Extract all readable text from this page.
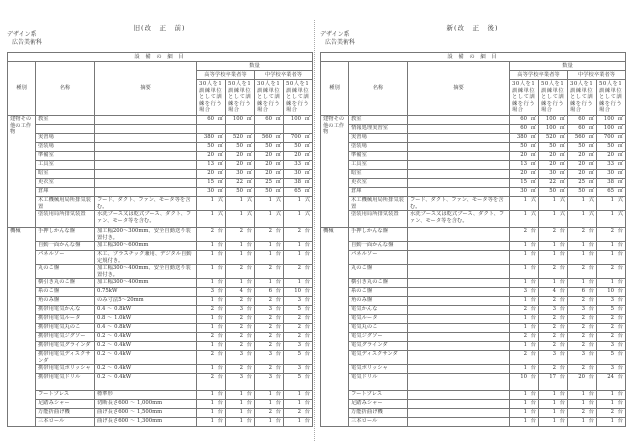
旧(改　正　前)
デザイン系
広告美術科
設 備 の 細 目						
種別	名称	摘要	数量			
			高等学校卒業者等		中学校卒業者等	
			30人を1訓練単位として訓練を行う場合	50人を1訓練単位として訓練を行う場合	30人を1訓練単位として訓練を行う場合	50人を1訓練単位として訓練を行う場合
建物その他の工作物	教室		60 ㎡	100 ㎡	60 ㎡	100 ㎡

	実習場		380 ㎡	520 ㎡	560 ㎡	700 ㎡
	塗装場		50 ㎡	50 ㎡	50 ㎡	50 ㎡
	準備室		20 ㎡	20 ㎡	20 ㎡	20 ㎡
	工具室		13 ㎡	20 ㎡	20 ㎡	33 ㎡
	暗室		20 ㎡	30 ㎡	20 ㎡	30 ㎡
	更衣室		15 ㎡	22 ㎡	25 ㎡	38 ㎡
	倉庫		30 ㎡	50 ㎡	50 ㎡	65 ㎡
	木工機械用局所排気装置	フード、ダクト、ファン、モータ等を含む。	1 式	1 式	1 式	1 式
	塗装用局所排気装置	水洗ブース又は乾式ブース、ダクト、ファン、モータ等を含む。	1 式	1 式	1 式	1 式
機械	手押しかんな盤	加工幅200～300mm、安全自動送り装置付き。	2 台	2 台	2 台	2 台
	自動一面かんな盤	加工幅300～600mm	1 台	1 台	1 台	1 台
	パネルソー	木工、プラスチック兼用、デジタル自動定規付き。	1 台	1 台	1 台	1 台
	丸のこ盤	加工幅300～400mm、安全自動送り装置付き。	1 台	2 台	2 台	2 台
	横引き丸のこ盤	加工幅300～400mm	1 台	1 台	1 台	1 台
	糸のこ盤	0.75kW	3 台	4 台	6 台	10 台
	角のみ盤	のみ寸法5～20mm	1 台	2 台	2 台	3 台
	携帯用電気かんな	0.4 ～ 0.8kW	2 台	3 台	3 台	5 台
	携帯用電気ルータ	0.8 ～ 1.0kW	1 台	2 台	2 台	2 台
	携帯用電気丸のこ	0.4 ～ 0.8kW	1 台	2 台	2 台	2 台
	携帯用電気ジグソー	0.2 ～ 0.4kW	2 台	2 台	2 台	2 台
	携帯用電気グラインダ	0.2 ～ 0.4kW	1 台	2 台	2 台	3 台
	携帯用電気ディスクサンダ	0.2 ～ 0.4kW	2 台	3 台	3 台	5 台
	携帯用電気ポリッシャ	0.2 ～ 0.4kW	1 台	2 台	2 台	3 台
	携帯用電気ドリル	0.2 ～ 0.4kW	2 台	3 台	3 台	5 台
	フートプレス	標準形	1 台	1 台	1 台	1 台
	足踏みシャー	切断長さ600 ～ 1,000mm	1 台	1 台	1 台	1 台
	万能折曲げ機	曲げ長さ600 ～ 1,500mm	1 台	1 台	2 台	2 台
	三本ロール	曲げ長さ600 ～ 1,300mm	1 台	1 台	1 台	1 台
新(改　正　後)
デザイン系
広告美術科
設 備 の 細 目						
種別	名称	摘要	数量			
			高等学校卒業者等		中学校卒業者等	
			30人を1訓練単位として訓練を行う場合	50人を1訓練単位として訓練を行う場合	30人を1訓練単位として訓練を行う場合	50人を1訓練単位として訓練を行う場合
建物その他の工作物	教室		60 ㎡	100 ㎡	60 ㎡	100 ㎡
	情報処理実習室		60 ㎡	100 ㎡	60 ㎡	100 ㎡
	実習場		380 ㎡	520 ㎡	560 ㎡	700 ㎡
	塗装場		50 ㎡	50 ㎡	50 ㎡	50 ㎡
	準備室		20 ㎡	20 ㎡	20 ㎡	20 ㎡
	工具室		13 ㎡	20 ㎡	20 ㎡	33 ㎡
	暗室		20 ㎡	30 ㎡	20 ㎡	30 ㎡
	更衣室		15 ㎡	22 ㎡	25 ㎡	38 ㎡
	倉庫		30 ㎡	50 ㎡	50 ㎡	65 ㎡
	木工機械用局所排気装置	フード、ダクト、ファン、モータ等を含む。	1 式	1 式	1 式	1 式
	塗装用局所排気装置	水洗ブース又は乾式ブース、ダクト、ファン、モータ等を含む。	1 式	1 式	1 式	1 式
機械	手押しかんな盤		2 台	2 台	2 台	2 台
	自動一面かんな盤		1 台	1 台	1 台	1 台
	パネルソー		1 台	1 台	1 台	1 台
	丸のこ盤		1 台	2 台	2 台	2 台
	横引き丸のこ盤		1 台	1 台	1 台	1 台
	糸のこ盤		3 台	4 台	6 台	10 台
	角のみ盤		1 台	2 台	2 台	3 台
	電気かんな		2 台	3 台	3 台	5 台
	電気ルータ		1 台	2 台	2 台	2 台
	電気丸のこ		1 台	2 台	2 台	2 台
	電気ジグソー		2 台	2 台	2 台	2 台
	電気グラインダ		1 台	2 台	2 台	3 台
	電気ディスクサンダ		2 台	3 台	3 台	5 台
	電気ポリッシャ		1 台	2 台	2 台	3 台
	電気ドリル		10 台	17 台	20 台	24 台
	フートプレス		1 台	1 台	1 台	1 台
	足踏みシャー		1 台	1 台	1 台	1 台
	万能折曲げ機		1 台	1 台	2 台	2 台
	三本ロール		1 台	1 台	1 台	1 台
